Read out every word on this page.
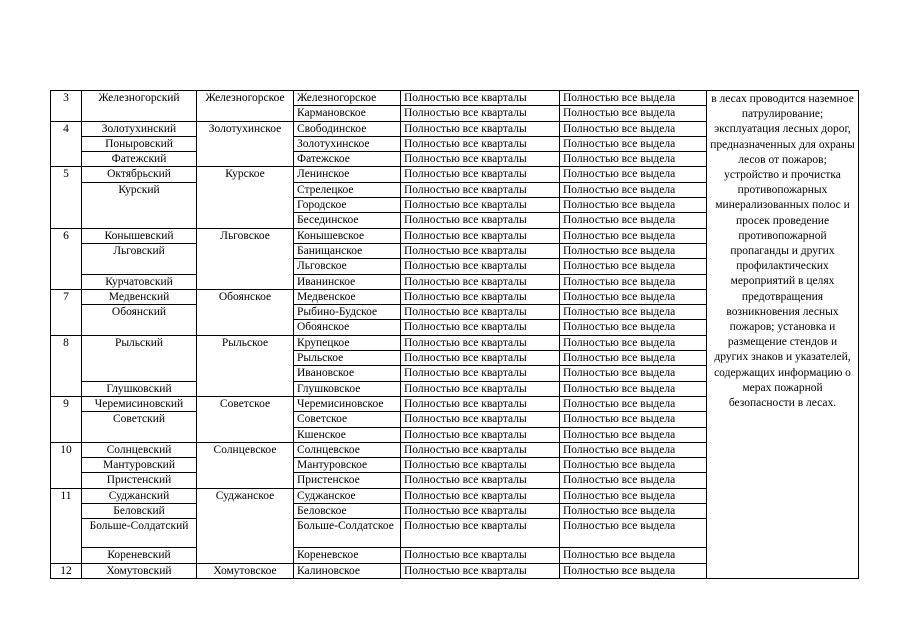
3	Железногорский	Железногорское	Железногорское	Полностью все кварталы	Полностью все выдела	в лесах проводится наземное патрулирование; эксплуатация лесных дорог, предназначенных для охраны лесов от пожаров; устройство и прочистка противопожарных минерализованных полос и просек проведение противопожарной пропаганды и других профилактических мероприятий в целях предотвращения возникновения лесных пожаров; установка и размещение стендов и других знаков и указателей, содержащих информацию о мерах пожарной безопасности в лесах.
			Кармановское	Полностью все кварталы	Полностью все выдела	
4	Золотухинский	Золотухинское	Свободинское	Полностью все кварталы	Полностью все выдела	
	Поныровский		Золотухинское	Полностью все кварталы	Полностью все выдела	
	Фатежский		Фатежское	Полностью все кварталы	Полностью все выдела	
5	Октябрьский	Курское	Ленинское	Полностью все кварталы	Полностью все выдела	
	Курский		Стрелецкое	Полностью все кварталы	Полностью все выдела	
			Городское	Полностью все кварталы	Полностью все выдела	
			Бесединское	Полностью все кварталы	Полностью все выдела	
6	Конышевский	Льговское	Конышевское	Полностью все кварталы	Полностью все выдела	
	Льговский		Банищанское	Полностью все кварталы	Полностью все выдела	
			Льговское	Полностью все кварталы	Полностью все выдела	
	Курчатовский		Иванинское	Полностью все кварталы	Полностью все выдела	
7	Медвенский	Обоянское	Медвенское	Полностью все кварталы	Полностью все выдела	
	Обоянский		Рыбино-Будское	Полностью все кварталы	Полностью все выдела	
			Обоянское	Полностью все кварталы	Полностью все выдела	
8	Рыльский	Рыльское	Крупецкое	Полностью все кварталы	Полностью все выдела	
			Рыльское	Полностью все кварталы	Полностью все выдела	
			Ивановское	Полностью все кварталы	Полностью все выдела	
	Глушковский		Глушковское	Полностью все кварталы	Полностью все выдела	
9	Черемисиновский	Советское	Черемисиновское	Полностью все кварталы	Полностью все выдела	
	Советский		Советское	Полностью все кварталы	Полностью все выдела	
			Кшенское	Полностью все кварталы	Полностью все выдела	
10	Солнцевский	Солнцевское	Солнцевское	Полностью все кварталы	Полностью все выдела	
	Мантуровский		Мантуровское	Полностью все кварталы	Полностью все выдела	
	Пристенский		Пристенское	Полностью все кварталы	Полностью все выдела	
11	Суджанский	Суджанское	Суджанское	Полностью все кварталы	Полностью все выдела	
	Беловский		Беловское	Полностью все кварталы	Полностью все выдела	
	Больше-Солдатский		Больше-Солдатское	Полностью все кварталы	Полностью все выдела	
	Кореневский		Кореневское	Полностью все кварталы	Полностью все выдела	
12	Хомутовский	Хомутовское	Калиновское	Полностью все кварталы	Полностью все выдела	
